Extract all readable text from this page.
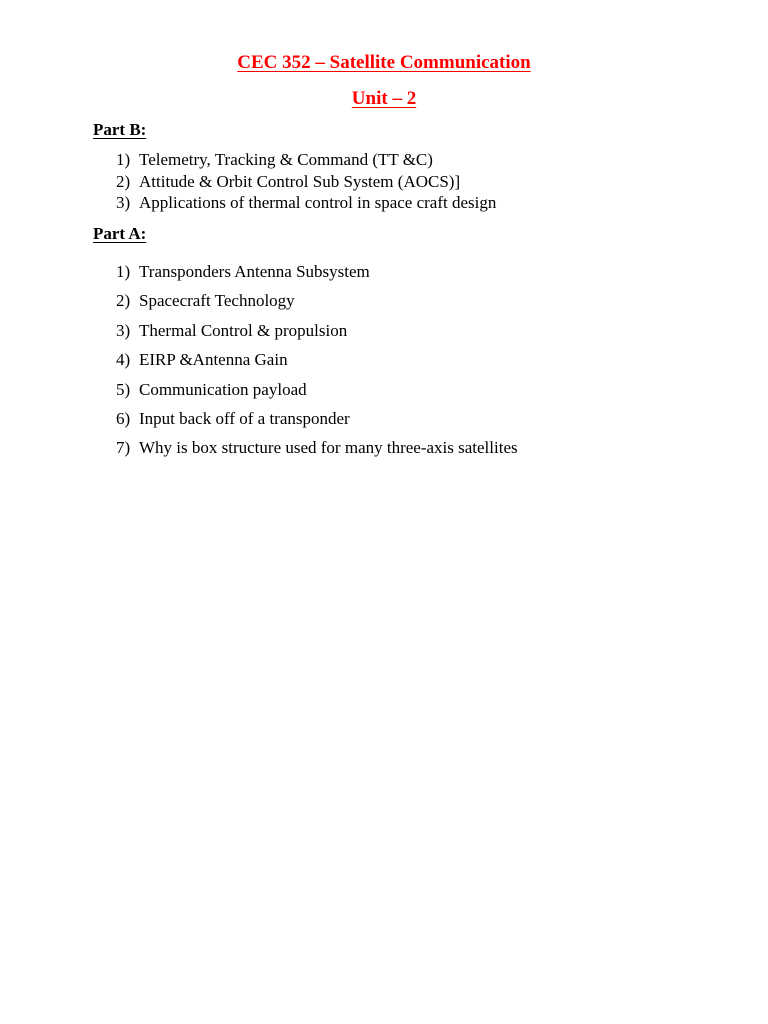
CEC 352 – Satellite Communication
Unit – 2
Part B:
1) Telemetry, Tracking & Command (TT &C)
2) Attitude & Orbit Control Sub System (AOCS)]
3) Applications of thermal control in space craft design
Part A:
1) Transponders Antenna Subsystem
2) Spacecraft Technology
3) Thermal Control & propulsion
4) EIRP &Antenna Gain
5) Communication payload
6) Input back off of a transponder
7) Why is box structure used for many three-axis satellites
